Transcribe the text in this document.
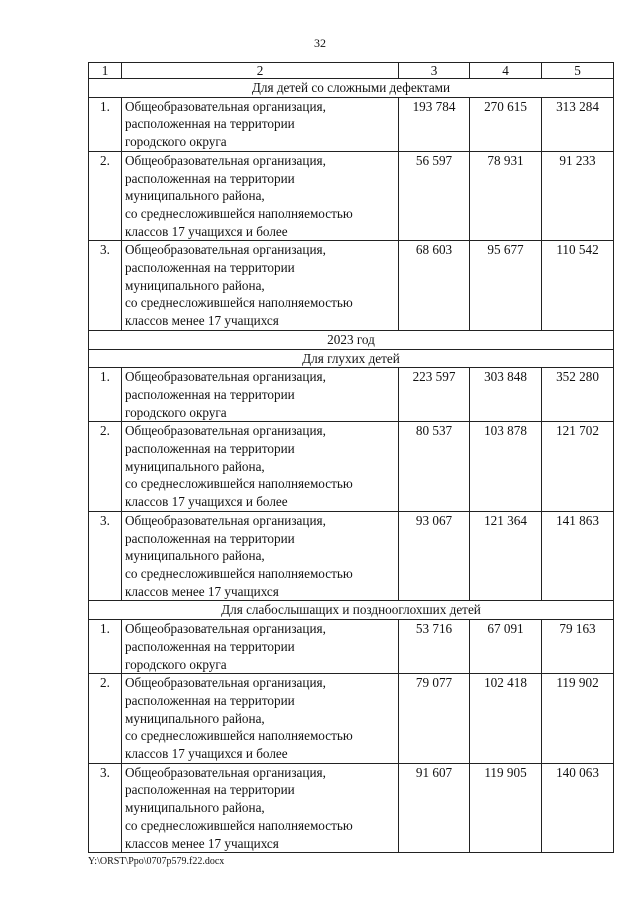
32
1	2	3	4	5
Для детей со сложными дефектами				
1.	Общеобразовательная организация,
расположенная на территории
городского округа	193 784	270 615	313 284
2.	Общеобразовательная организация,
расположенная на территории
муниципального района,
со среднесложившейся наполняемостью
классов 17 учащихся и более	56 597	78 931	91 233
3.	Общеобразовательная организация,
расположенная на территории
муниципального района,
со среднесложившейся наполняемостью
классов менее 17 учащихся	68 603	95 677	110 542
2023 год				
Для глухих детей				
1.	Общеобразовательная организация,
расположенная на территории
городского округа	223 597	303 848	352 280
2.	Общеобразовательная организация,
расположенная на территории
муниципального района,
со среднесложившейся наполняемостью
классов 17 учащихся и более	80 537	103 878	121 702
3.	Общеобразовательная организация,
расположенная на территории
муниципального района,
со среднесложившейся наполняемостью
классов менее 17 учащихся	93 067	121 364	141 863
Для слабослышащих и позднооглохших детей				
1.	Общеобразовательная организация,
расположенная на территории
городского округа	53 716	67 091	79 163
2.	Общеобразовательная организация,
расположенная на территории
муниципального района,
со среднесложившейся наполняемостью
классов 17 учащихся и более	79 077	102 418	119 902
3.	Общеобразовательная организация,
расположенная на территории
муниципального района,
со среднесложившейся наполняемостью
классов менее 17 учащихся	91 607	119 905	140 063
Y:\ORST\Ppo\0707p579.f22.docx
